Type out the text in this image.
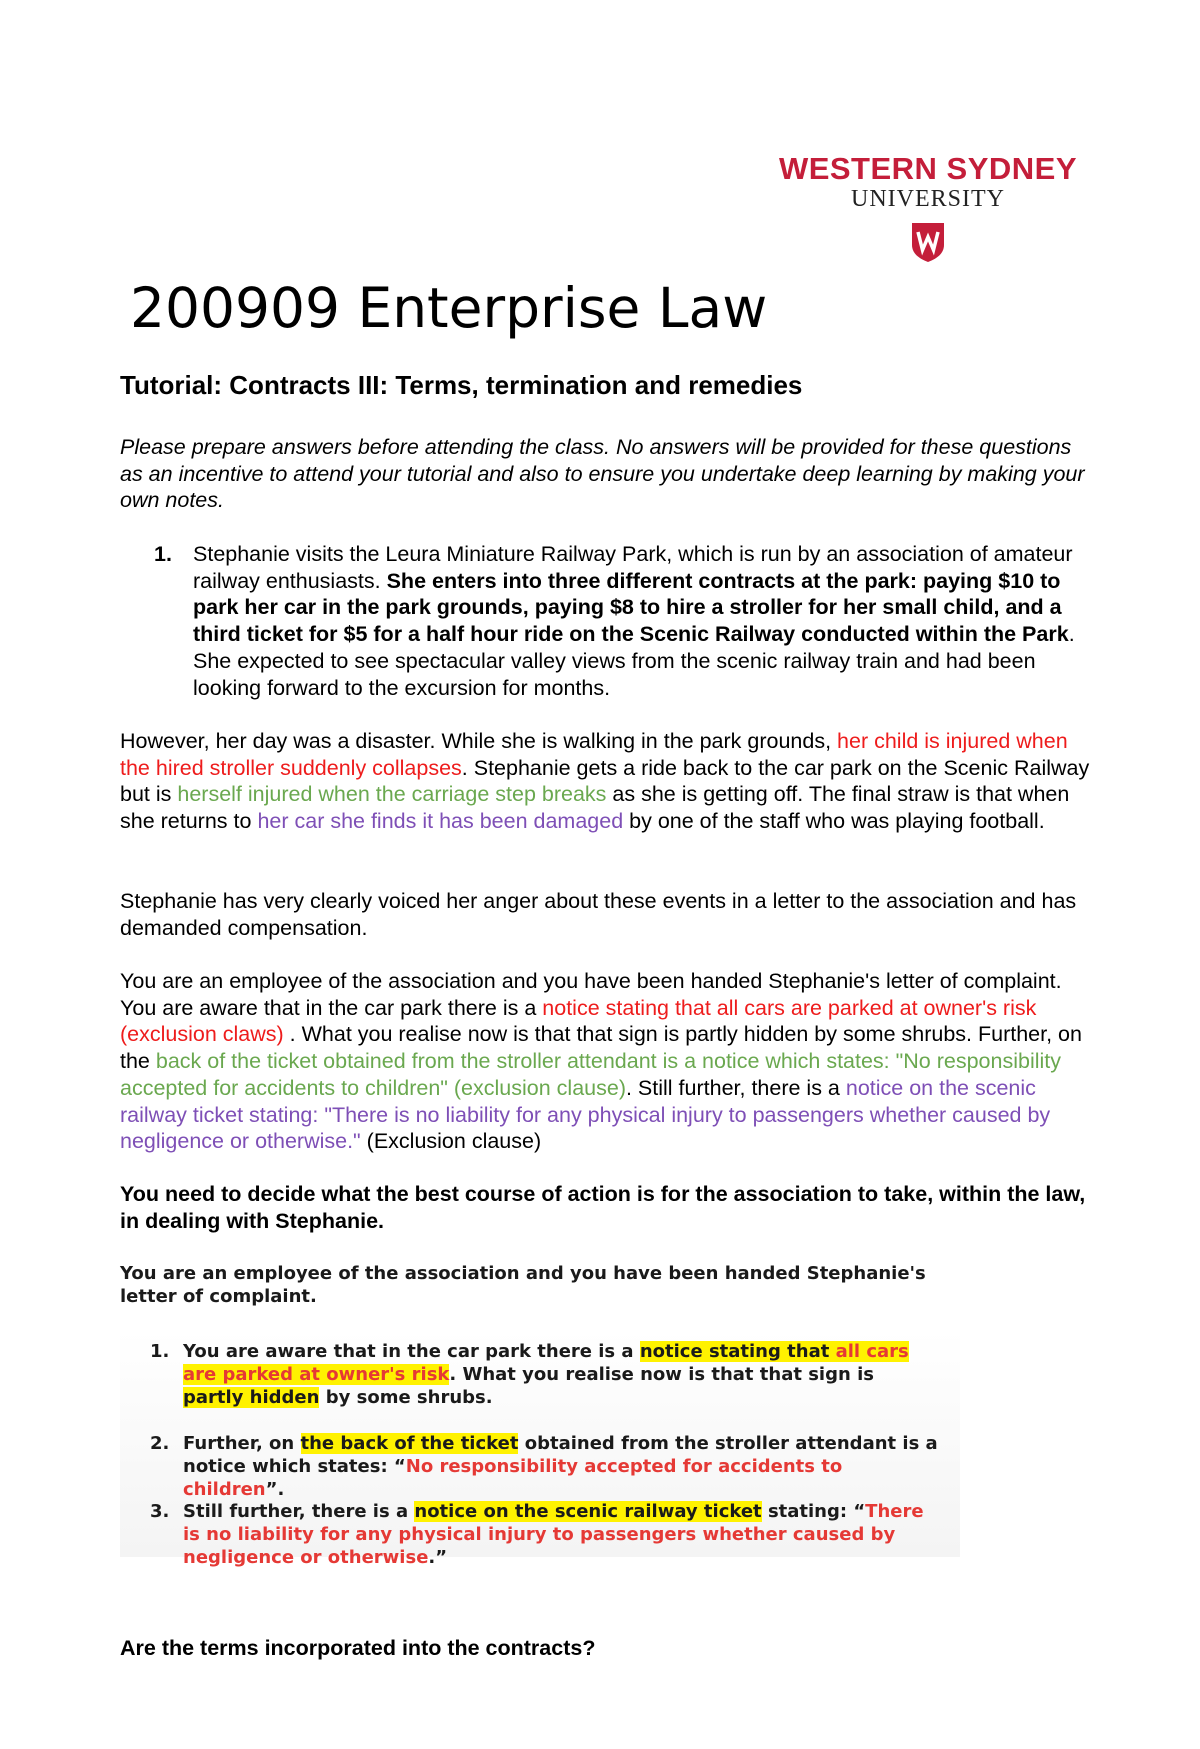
WESTERN SYDNEY
UNIVERSITY
200909 Enterprise Law
Tutorial: Contracts III: Terms, termination and remedies

Please prepare answers before attending the class. No answers will be provided for these questions as an incentive to attend your tutorial and also to ensure you undertake deep learning by making your own notes.

1. Stephanie visits the Leura Miniature Railway Park, which is run by an association of amateur railway enthusiasts. She enters into three different contracts at the park: paying $10 to park her car in the park grounds, paying $8 to hire a stroller for her small child, and a third ticket for $5 for a half hour ride on the Scenic Railway conducted within the Park. She expected to see spectacular valley views from the scenic railway train and had been looking forward to the excursion for months.

However, her day was a disaster. While she is walking in the park grounds, her child is injured when the hired stroller suddenly collapses. Stephanie gets a ride back to the car park on the Scenic Railway but is herself injured when the carriage step breaks as she is getting off. The final straw is that when she returns to her car she finds it has been damaged by one of the staff who was playing football.

Stephanie has very clearly voiced her anger about these events in a letter to the association and has demanded compensation.

You are an employee of the association and you have been handed Stephanie's letter of complaint. You are aware that in the car park there is a notice stating that all cars are parked at owner's risk (exclusion claws) . What you realise now is that that sign is partly hidden by some shrubs. Further, on the back of the ticket obtained from the stroller attendant is a notice which states: "No responsibility accepted for accidents to children" (exclusion clause). Still further, there is a notice on the scenic railway ticket stating: "There is no liability for any physical injury to passengers whether caused by negligence or otherwise." (Exclusion clause)

You need to decide what the best course of action is for the association to take, within the law, in dealing with Stephanie.

You are an employee of the association and you have been handed Stephanie's letter of complaint.
1. You are aware that in the car park there is a notice stating that all cars are parked at owner's risk. What you realise now is that that sign is partly hidden by some shrubs.
2. Further, on the back of the ticket obtained from the stroller attendant is a notice which states: “No responsibility accepted for accidents to children”.
3. Still further, there is a notice on the scenic railway ticket stating: “There is no liability for any physical injury to passengers whether caused by negligence or otherwise.”

Are the terms incorporated into the contracts?
